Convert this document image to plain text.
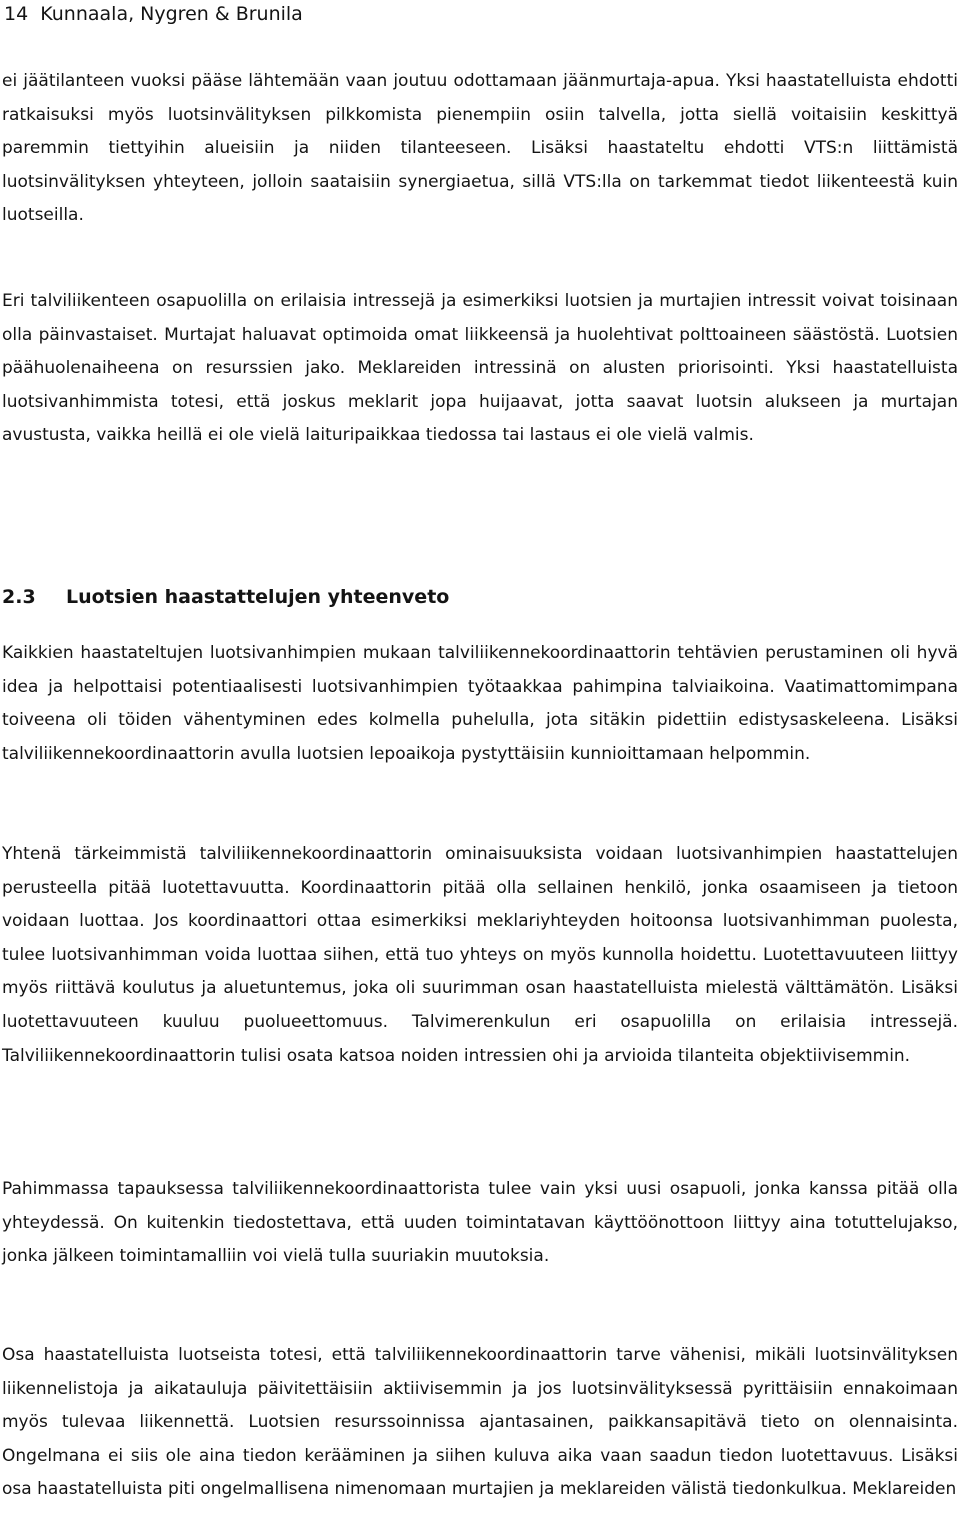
14 Kunnaala, Nygren & Brunila

ei jäätilanteen vuoksi pääse lähtemään vaan joutuu odottamaan jäänmurtaja-apua. Yksi haastatelluista ehdotti ratkaisuksi myös luotsinvälityksen pilkkomista pienempiin osiin talvella, jotta siellä voitaisiin keskittyä paremmin tiettyihin alueisiin ja niiden tilanteeseen. Lisäksi haastateltu ehdotti VTS:n liittämistä luotsinvälityksen yhteyteen, jolloin saataisiin synergiaetua, sillä VTS:lla on tarkemmat tiedot liikenteestä kuin luotseilla.

Eri talviliikenteen osapuolilla on erilaisia intressejä ja esimerkiksi luotsien ja murtajien intressit voivat toisinaan olla päinvastaiset. Murtajat haluavat optimoida omat liikkeensä ja huolehtivat polttoaineen säästöstä. Luotsien päähuolenaiheena on resurssien jako. Meklareiden intressinä on alusten priorisointi. Yksi haastatelluista luotsivanhimmista totesi, että joskus meklarit jopa huijaavat, jotta saavat luotsin alukseen ja murtajan avustusta, vaikka heillä ei ole vielä laituripaikkaa tiedossa tai lastaus ei ole vielä valmis.

2.3 Luotsien haastattelujen yhteenveto

Kaikkien haastateltujen luotsivanhimpien mukaan talviliikennekoordinaattorin tehtävien perustaminen oli hyvä idea ja helpottaisi potentiaalisesti luotsivanhimpien työtaakkaa pahimpina talviaikoina. Vaatimattomimpana toiveena oli töiden vähentyminen edes kolmella puhelulla, jota sitäkin pidettiin edistysaskeleena. Lisäksi talviliikennekoordinaattorin avulla luotsien lepoaikoja pystyttäisiin kunnioittamaan helpommin.

Yhtenä tärkeimmistä talviliikennekoordinaattorin ominaisuuksista voidaan luotsivanhimpien haastattelujen perusteella pitää luotettavuutta. Koordinaattorin pitää olla sellainen henkilö, jonka osaamiseen ja tietoon voidaan luottaa. Jos koordinaattori ottaa esimerkiksi meklariyhteyden hoitoonsa luotsivanhimman puolesta, tulee luotsivanhimman voida luottaa siihen, että tuo yhteys on myös kunnolla hoidettu. Luotettavuuteen liittyy myös riittävä koulutus ja aluetuntemus, joka oli suurimman osan haastatelluista mielestä välttämätön. Lisäksi luotettavuuteen kuuluu puolueettomuus. Talvimerenkulun eri osapuolilla on erilaisia intressejä. Talviliikennekoordinaattorin tulisi osata katsoa noiden intressien ohi ja arvioida tilanteita objektiivisemmin.

Pahimmassa tapauksessa talviliikennekoordinaattorista tulee vain yksi uusi osapuoli, jonka kanssa pitää olla yhteydessä. On kuitenkin tiedostettava, että uuden toimintatavan käyttöönottoon liittyy aina totuttelujakso, jonka jälkeen toimintamalliin voi vielä tulla suuriakin muutoksia.

Osa haastatelluista luotseista totesi, että talviliikennekoordinaattorin tarve vähenisi, mikäli luotsinvälityksen liikennelistoja ja aikatauluja päivitettäisiin aktiivisemmin ja jos luotsinvälityksessä pyrittäisiin ennakoimaan myös tulevaa liikennettä. Luotsien resurssoinnissa ajantasainen, paikkansapitävä tieto on olennaisinta. Ongelmana ei siis ole aina tiedon kerääminen ja siihen kuluva aika vaan saadun tiedon luotettavuus. Lisäksi osa haastatelluista piti ongelmallisena nimenomaan murtajien ja meklareiden välistä tiedonkulkua. Meklareiden
